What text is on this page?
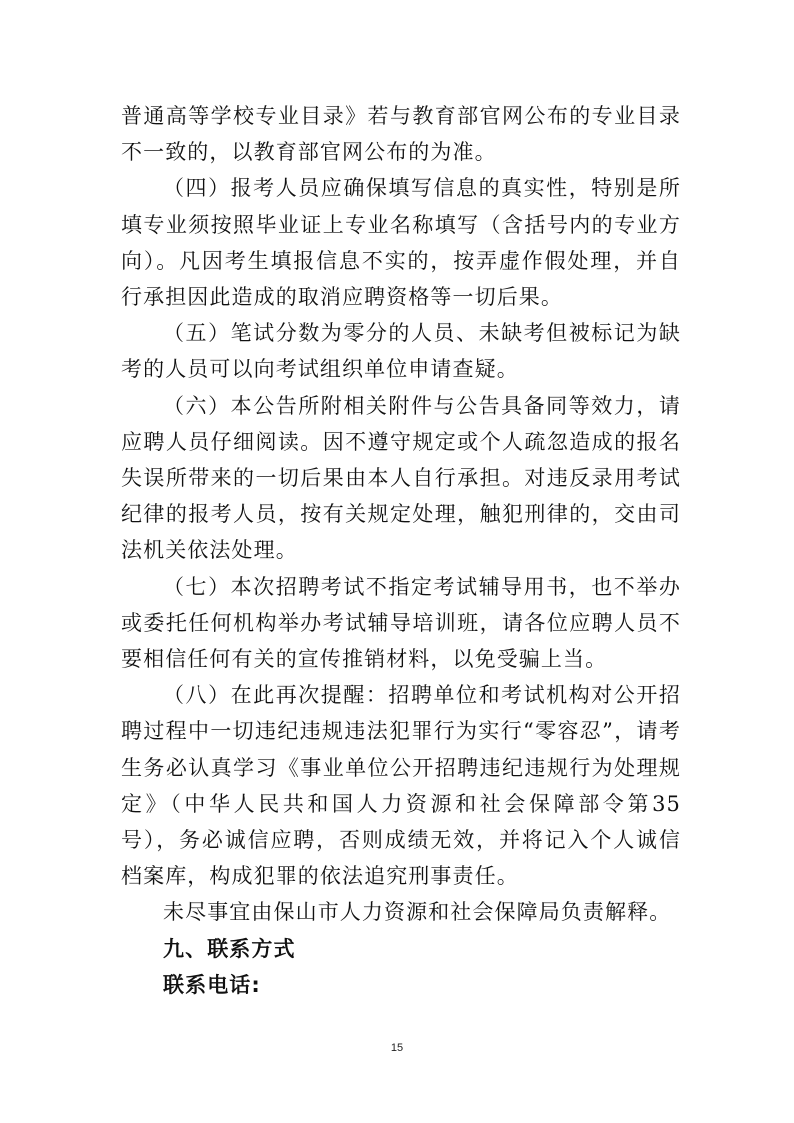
普通高等学校专业目录》若与教育部官网公布的专业目录不一致的，以教育部官网公布的为准。

（四）报考人员应确保填写信息的真实性，特别是所填专业须按照毕业证上专业名称填写（含括号内的专业方向）。凡因考生填报信息不实的，按弄虚作假处理，并自行承担因此造成的取消应聘资格等一切后果。

（五）笔试分数为零分的人员、未缺考但被标记为缺考的人员可以向考试组织单位申请查疑。

（六）本公告所附相关附件与公告具备同等效力，请应聘人员仔细阅读。因不遵守规定或个人疏忽造成的报名失误所带来的一切后果由本人自行承担。对违反录用考试纪律的报考人员，按有关规定处理，触犯刑律的，交由司法机关依法处理。

（七）本次招聘考试不指定考试辅导用书，也不举办或委托任何机构举办考试辅导培训班，请各位应聘人员不要相信任何有关的宣传推销材料，以免受骗上当。

（八）在此再次提醒：招聘单位和考试机构对公开招聘过程中一切违纪违规违法犯罪行为实行“零容忍”，请考生务必认真学习《事业单位公开招聘违纪违规行为处理规定》（中华人民共和国人力资源和社会保障部令第35号），务必诚信应聘，否则成绩无效，并将记入个人诚信档案库，构成犯罪的依法追究刑事责任。

未尽事宜由保山市人力资源和社会保障局负责解释。

九、联系方式

联系电话:

15
